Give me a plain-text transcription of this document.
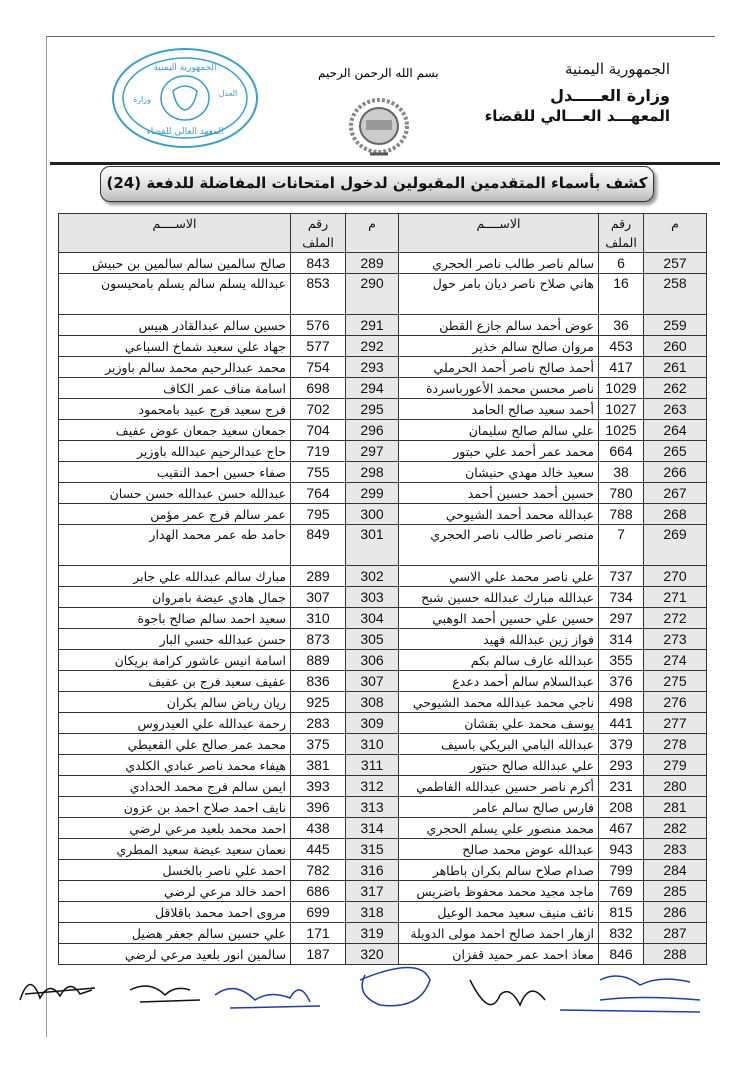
الجمهورية اليمنية
وزارة العـــــدل
المعهـــد العـــالي للقضاء
بسم الله الرحمن الرحيم
الجمهورية اليمنية
وزارة
العدل
المعهد العالي للقضاء
كشف بأسماء المتقدمين المقبولين لدخول امتحانات المفاضلة للدفعة (24)
م	رقم الملف	الاســــم	م	رقم الملف	الاســــم
257	6	سالم ناصر طالب ناصر الحجري	289	843	صالح سالمين سالم سالمين بن حبيش
258	16	هاني صلاح ناصر ديان بامر حول	290	853	عبدالله يسلم سالم يسلم بامحيسون
259	36	عوض أحمد سالم جازع القطن	291	576	حسين سالم عبدالقادر هبيس
260	453	مروان صالح سالم خذير	292	577	جهاد علي سعيد شماخ السباعي
261	417	أحمد صالح ناصر أحمد الحرملي	293	754	محمد عبدالرحيم محمد سالم باوزير
262	1029	ناصر محسن محمد الأعورباسردة	294	698	اسامة مناف عمر الكاف
263	1027	أحمد سعيد صالح الحامد	295	702	فرج سعيد فرج عبيد بامحمود
264	1025	علي سالم صالح سليمان	296	704	جمعان سعيد جمعان عوض عفيف
265	664	محمد عمر أحمد علي حبتور	297	719	حاج عبدالرحيم عبدالله باوزير
266	38	سعيد خالد مهدي حنيشان	298	755	صفاء حسين احمد النقيب
267	780	حسين أحمد حسين أحمد	299	764	عبدالله حسن عبدالله حسن حسان
268	788	عبدالله محمد أحمد الشيوحي	300	795	عمر سالم فرج عمر مؤمن
269	7	منصر ناصر طالب ناصر الحجري	301	849	حامد طه عمر محمد الهدار
270	737	علي ناصر محمد علي الاسي	302	289	مبارك سالم عبدالله علي جابر
271	734	عبدالله مبارك عبدالله حسين شبح	303	307	جمال هادي عيضة بامروان
272	297	حسين علي حسين أحمد الوهبي	304	310	سعيد احمد سالم صالح باجوة
273	314	فواز زين عبدالله فهيد	305	873	حسن عبدالله حسي البار
274	355	عبدالله عارف سالم بكم	306	889	اسامة انيس عاشور كرامة بريكان
275	376	عبدالسلام سالم أحمد دعدع	307	836	عفيف سعيد فرج بن عفيف
276	498	ناجي محمد عبدالله محمد الشيوحي	308	925	ريان رياض سالم بكران
277	441	يوسف محمد علي بقشان	309	283	رحمة عبدالله علي العيدروس
278	379	عبدالله البامي البريكي باسيف	310	375	محمد عمر صالح علي القعيطي
279	293	علي عبدالله صالح حبتور	311	381	هيفاء محمد ناصر عبادي الكلدي
280	231	أكرم ناصر حسين عبدالله الفاطمي	312	393	ايمن سالم فرج محمد الحدادي
281	208	فارس صالح سالم عامر	313	396	نايف احمد صلاح احمد بن عزون
282	467	محمد منصور علي يسلم الحجري	314	438	احمد محمد بلعيد مرعي لرضي
283	943	عبدالله عوض محمد صالح	315	445	نعمان سعيد عيضة سعيد المطري
284	799	صدام صلاح سالم بكران باطاهر	316	782	احمد علي ناصر بالخسل
285	769	ماجد مجيد محمد محفوظ باضريس	317	686	احمد خالد مرعي لرضي
286	815	نائف منيف سعيد محمد الوعيل	318	699	مروى احمد محمد باقلاقل
287	832	ازهار احمد صالح احمد مولى الدويلة	319	171	علي حسين سالم جعفر هضيل
288	846	معاذ احمد عمر حميد قفزان	320	187	سالمين انور بلعيد مرعي لرضي
